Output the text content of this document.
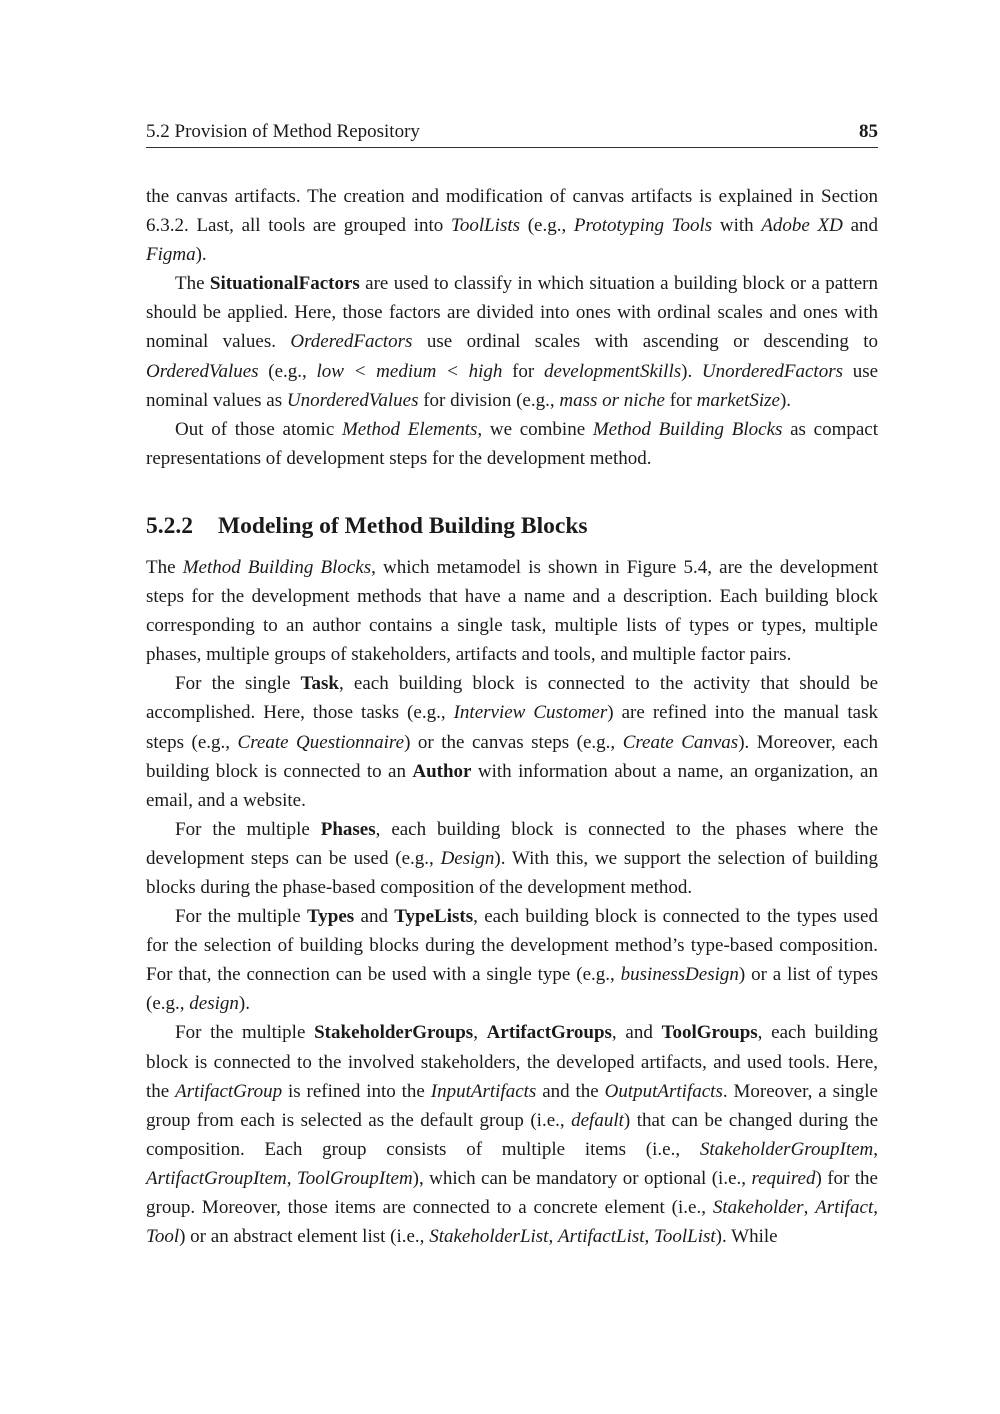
5.2 Provision of Method Repository	85

the canvas artifacts. The creation and modification of canvas artifacts is explained in Section 6.3.2. Last, all tools are grouped into ToolLists (e.g., Prototyping Tools with Adobe XD and Figma).

The SituationalFactors are used to classify in which situation a building block or a pattern should be applied. Here, those factors are divided into ones with ordinal scales and ones with nominal values. OrderedFactors use ordinal scales with ascending or descending to OrderedValues (e.g., low < medium < high for developmentSkills). UnorderedFactors use nominal values as UnorderedValues for division (e.g., mass or niche for marketSize).

Out of those atomic Method Elements, we combine Method Building Blocks as compact representations of development steps for the development method.

5.2.2 Modeling of Method Building Blocks

The Method Building Blocks, which metamodel is shown in Figure 5.4, are the development steps for the development methods that have a name and a description. Each building block corresponding to an author contains a single task, multiple lists of types or types, multiple phases, multiple groups of stakeholders, artifacts and tools, and multiple factor pairs.

For the single Task, each building block is connected to the activity that should be accomplished. Here, those tasks (e.g., Interview Customer) are refined into the manual task steps (e.g., Create Questionnaire) or the canvas steps (e.g., Create Canvas). Moreover, each building block is connected to an Author with information about a name, an organization, an email, and a website.

For the multiple Phases, each building block is connected to the phases where the development steps can be used (e.g., Design). With this, we support the selection of building blocks during the phase-based composition of the development method.

For the multiple Types and TypeLists, each building block is connected to the types used for the selection of building blocks during the development method’s type-based composition. For that, the connection can be used with a single type (e.g., businessDesign) or a list of types (e.g., design).

For the multiple StakeholderGroups, ArtifactGroups, and ToolGroups, each building block is connected to the involved stakeholders, the developed artifacts, and used tools. Here, the ArtifactGroup is refined into the InputArtifacts and the OutputArtifacts. Moreover, a single group from each is selected as the default group (i.e., default) that can be changed during the composition. Each group consists of multiple items (i.e., StakeholderGroupItem, ArtifactGroupItem, ToolGroupItem), which can be mandatory or optional (i.e., required) for the group. Moreover, those items are connected to a concrete element (i.e., Stakeholder, Artifact, Tool) or an abstract element list (i.e., StakeholderList, ArtifactList, ToolList). While
